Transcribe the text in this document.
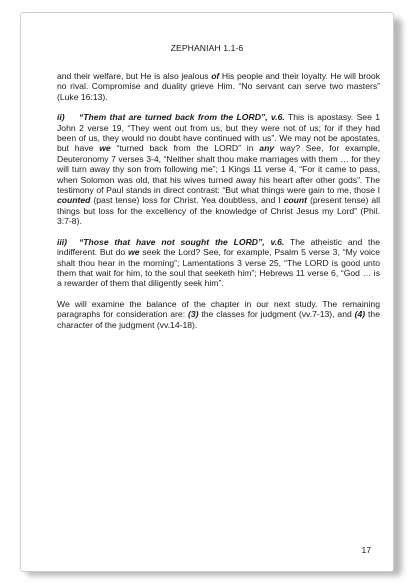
ZEPHANIAH 1.1-6

and their welfare, but He is also jealous of His people and their loyalty. He will brook no rival. Compromise and duality grieve Him. “No servant can serve two masters” (Luke 16:13).

ii) “Them that are turned back from the LORD”, v.6. This is apostasy. See 1 John 2 verse 19, “They went out from us, but they were not of us; for if they had been of us, they would no doubt have continued with us”. We may not be apostates, but have we “turned back from the LORD” in any way? See, for example, Deuteronomy 7 verses 3-4, “Neither shalt thou make marriages with them … for they will turn away thy son from following me”; 1 Kings 11 verse 4, “For it came to pass, when Solomon was old, that his wives turned away his heart after other gods”. The testimony of Paul stands in direct contrast: “But what things were gain to me, those I counted (past tense) loss for Christ. Yea doubtless, and I count (present tense) all things but loss for the excellency of the knowledge of Christ Jesus my Lord” (Phil. 3:7-8).

iii) “Those that have not sought the LORD”, v.6. The atheistic and the indifferent. But do we seek the Lord? See, for example, Psalm 5 verse 3, “My voice shalt thou hear in the morning”; Lamentations 3 verse 25, “The LORD is good unto them that wait for him, to the soul that seeketh him”; Hebrews 11 verse 6, “God … is a rewarder of them that diligently seek him”.

We will examine the balance of the chapter in our next study. The remaining paragraphs for consideration are: (3) the classes for judgment (vv.7-13), and (4) the character of the judgment (vv.14-18).

17
